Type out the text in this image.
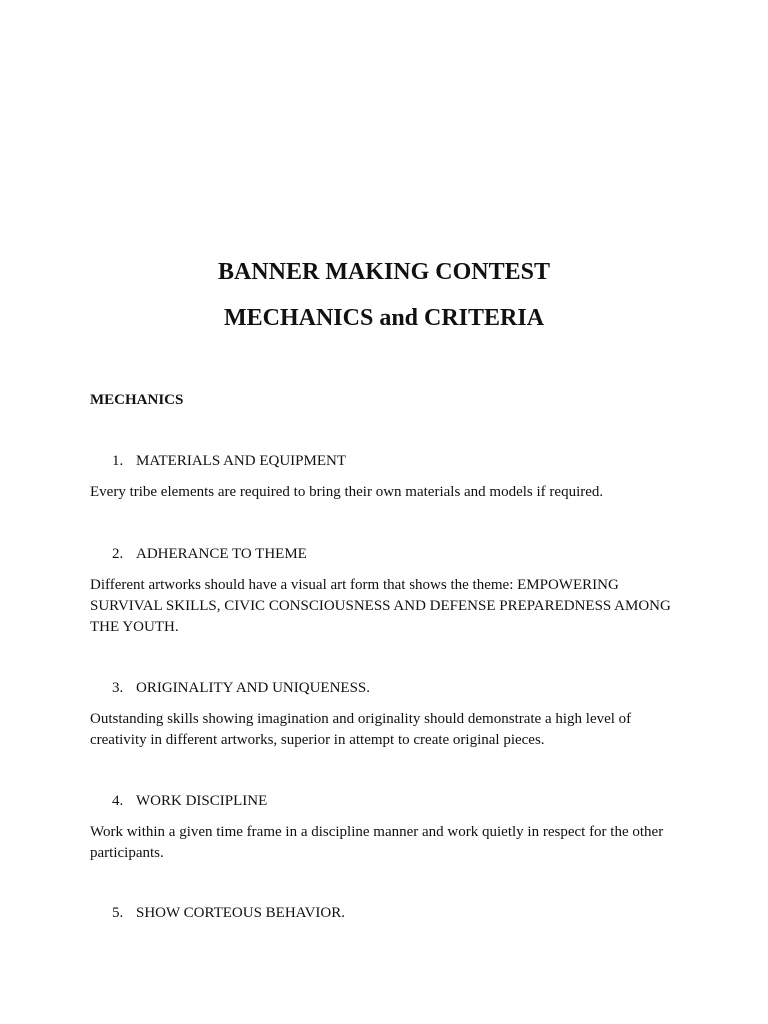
BANNER MAKING CONTEST
MECHANICS and CRITERIA
MECHANICS

1. MATERIALS AND EQUIPMENT

Every tribe elements are required to bring their own materials and models if required.

2. ADHERANCE TO THEME

Different artworks should have a visual art form that shows the theme: EMPOWERING SURVIVAL SKILLS, CIVIC CONSCIOUSNESS AND DEFENSE PREPAREDNESS AMONG THE YOUTH.

3. ORIGINALITY AND UNIQUENESS.

Outstanding skills showing imagination and originality should demonstrate a high level of creativity in different artworks, superior in attempt to create original pieces.

4. WORK DISCIPLINE

Work within a given time frame in a discipline manner and work quietly in respect for the other participants.

5. SHOW CORTEOUS BEHAVIOR.
